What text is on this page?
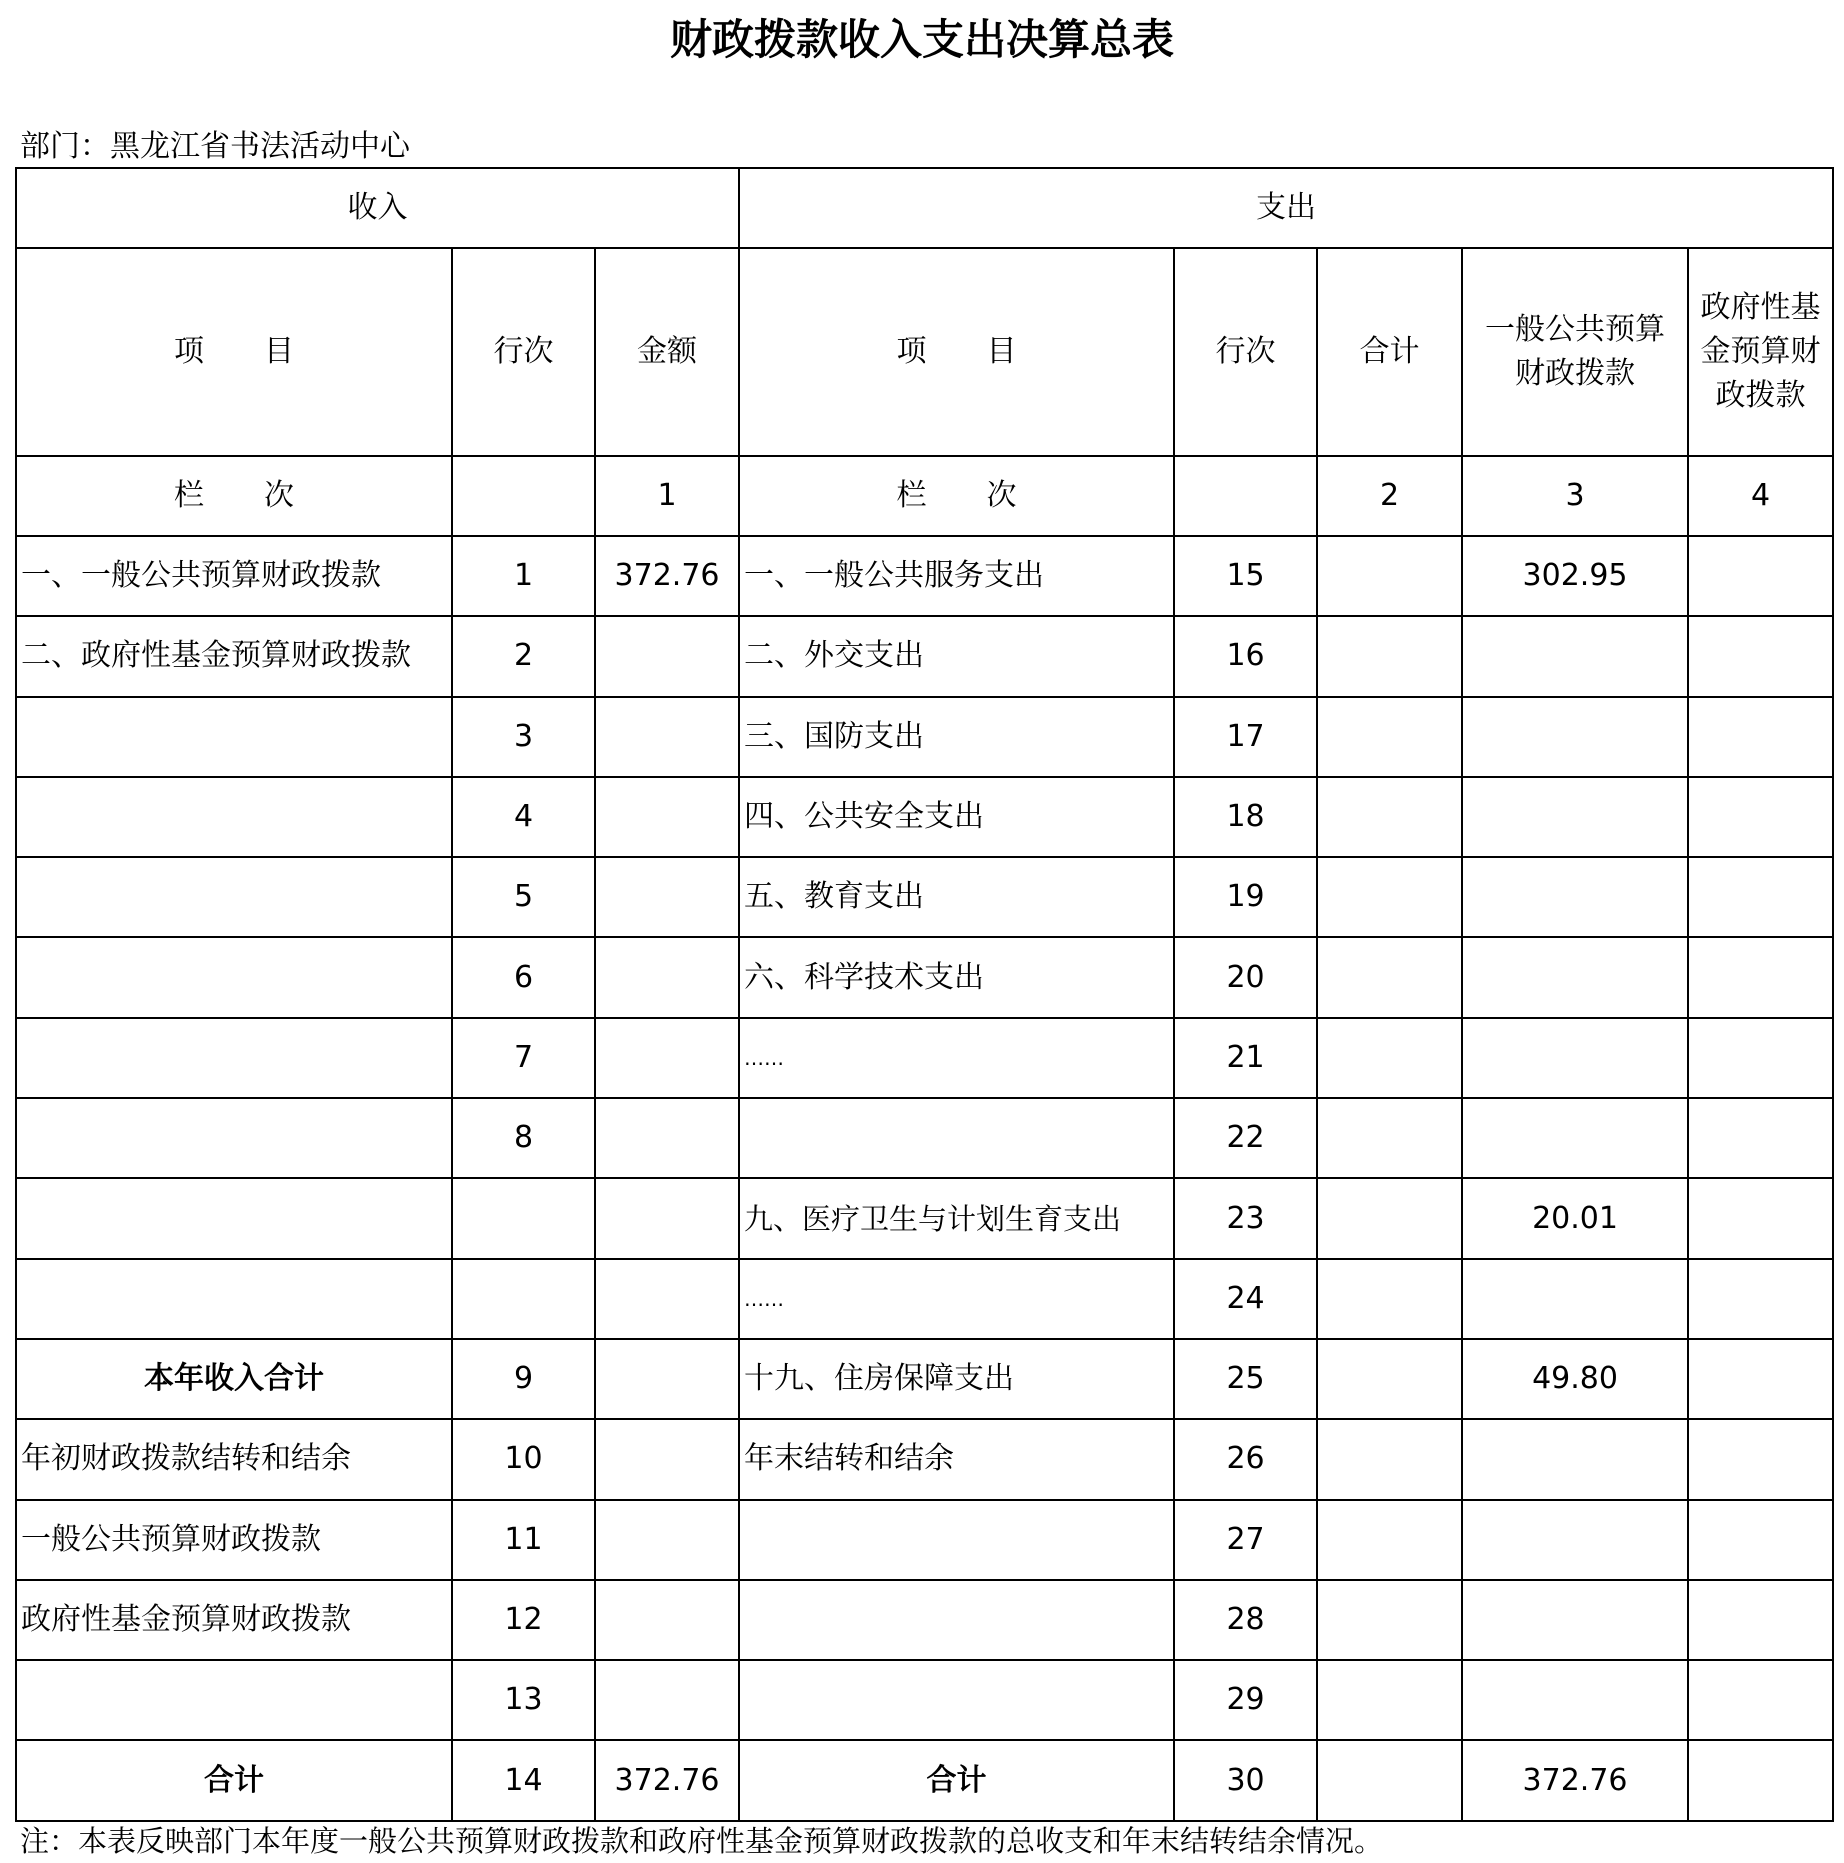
财政拨款收入支出决算总表
部门：黑龙江省书法活动中心
收入			支出				
项　　目	行次	金额	项　　目	行次	合计	一般公共预算财政拨款	政府性基金预算财政拨款
栏　　次		1	栏　　次		2	3	4
一、一般公共预算财政拨款	1	372.76	一、一般公共服务支出	15		302.95	
二、政府性基金预算财政拨款	2		二、外交支出	16			
	3		三、国防支出	17			
	4		四、公共安全支出	18			
	5		五、教育支出	19			
	6		六、科学技术支出	20			
	7		……	21			
	8			22			
			九、医疗卫生与计划生育支出	23		20.01	
			……	24			
本年收入合计	9		十九、住房保障支出	25		49.80	
年初财政拨款结转和结余	10		年末结转和结余	26			
一般公共预算财政拨款	11			27			
政府性基金预算财政拨款	12			28			
	13			29			
合计	14	372.76	合计	30		372.76	
注：本表反映部门本年度一般公共预算财政拨款和政府性基金预算财政拨款的总收支和年末结转结余情况。
